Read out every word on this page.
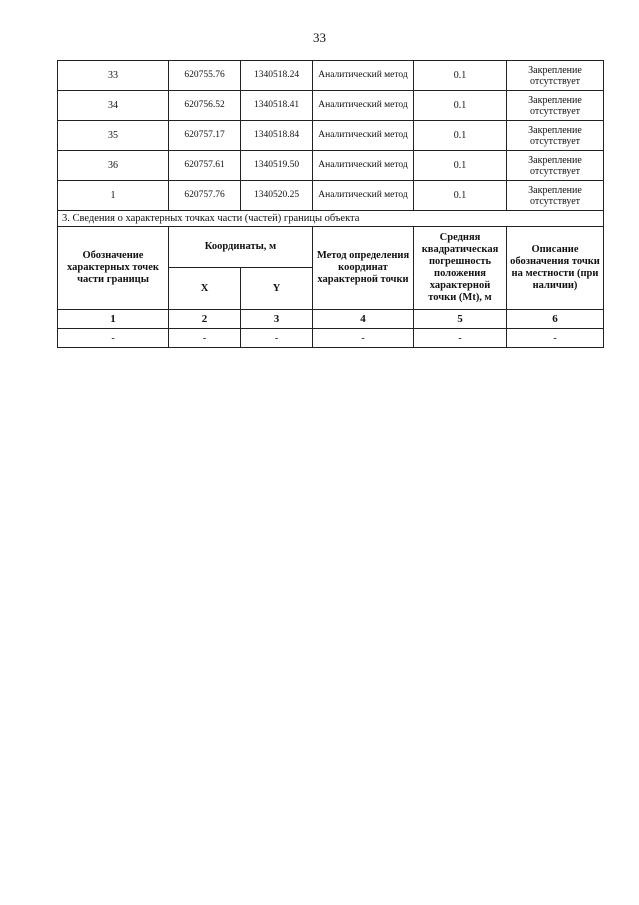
33
33	620755.76	1340518.24	Аналитический метод	0.1	Закрепление отсутствует
34	620756.52	1340518.41	Аналитический метод	0.1	Закрепление отсутствует
35	620757.17	1340518.84	Аналитический метод	0.1	Закрепление отсутствует
36	620757.61	1340519.50	Аналитический метод	0.1	Закрепление отсутствует
1	620757.76	1340520.25	Аналитический метод	0.1	Закрепление отсутствует
3. Сведения о характерных точках части (частей) границы объекта					
Обозначение характерных точек части границы	Координаты, м		Метод определения координат характерной точки	Средняя квадратическая погрешность положения характерной точки (Mt), м	Описание обозначения точки на местности (при наличии)
	X	Y			
1	2	3	4	5	6
-	-	-	-	-	-
